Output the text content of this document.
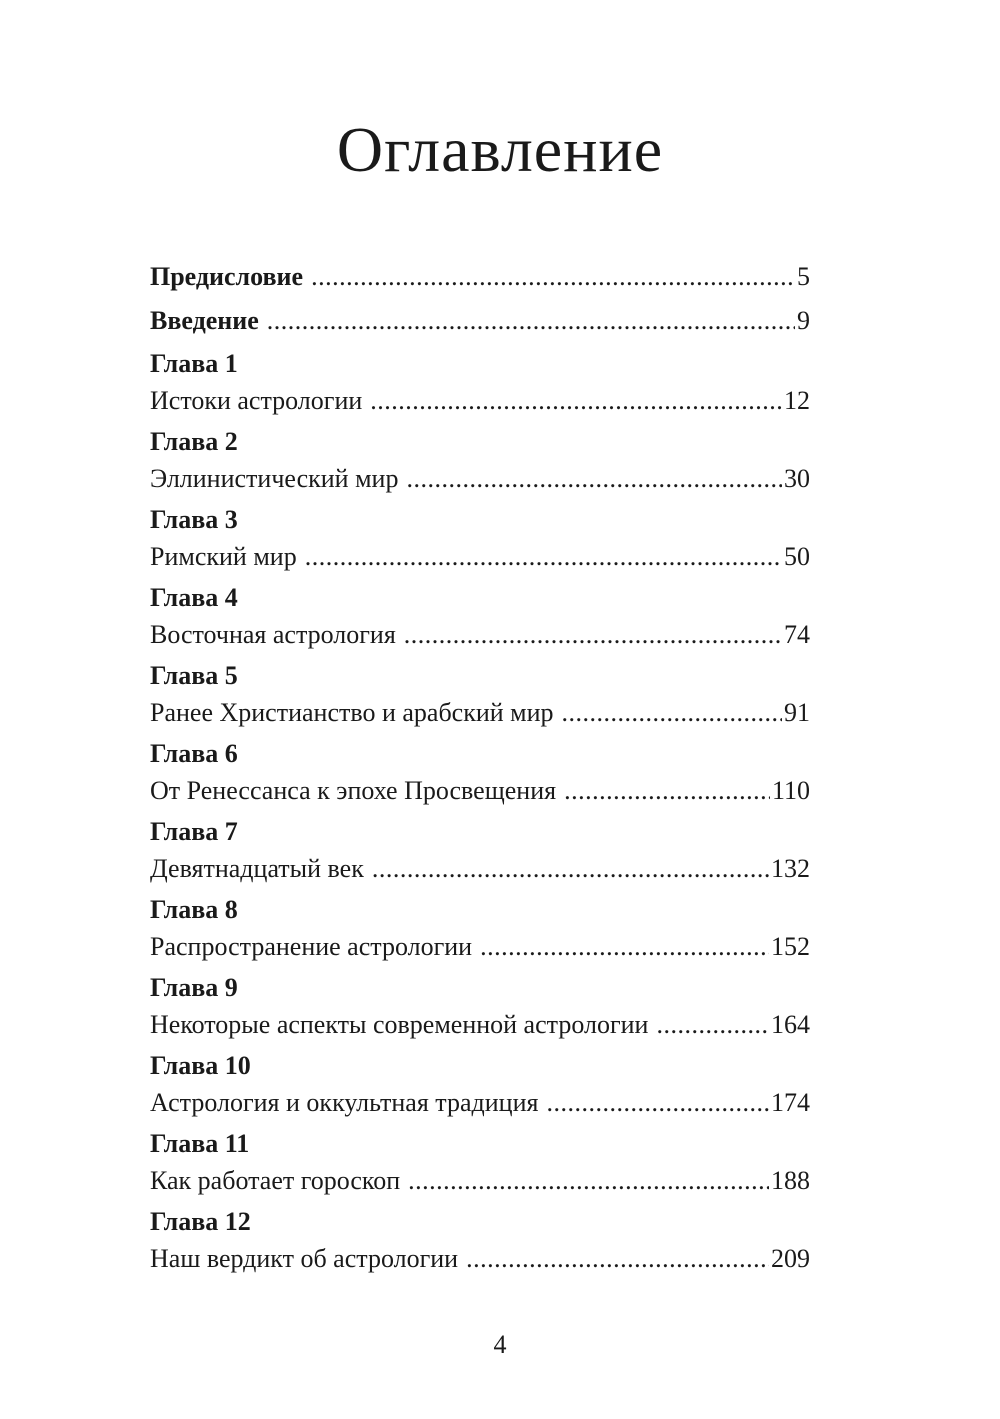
Оглавление
Предисловие . . .	5
Введение . . .	9
Глава 1
Истоки астрологии . . .	12
Глава 2
Эллинистический мир . . .	30
Глава 3
Римский мир . . .	50
Глава 4
Восточная астрология . . .	74
Глава 5
Ранее Христианство и арабский мир . . .	91
Глава 6
От Ренессанса к эпохе Просвещения . . .	110
Глава 7
Девятнадцатый век . . .	132
Глава 8
Распространение астрологии . . .	152
Глава 9
Некоторые аспекты современной астрологии . . .	164
Глава 10
Астрология и оккультная традиция . . .	174
Глава 11
Как работает гороскоп . . .	188
Глава 12
Наш вердикт об астрологии . . .	209
4
